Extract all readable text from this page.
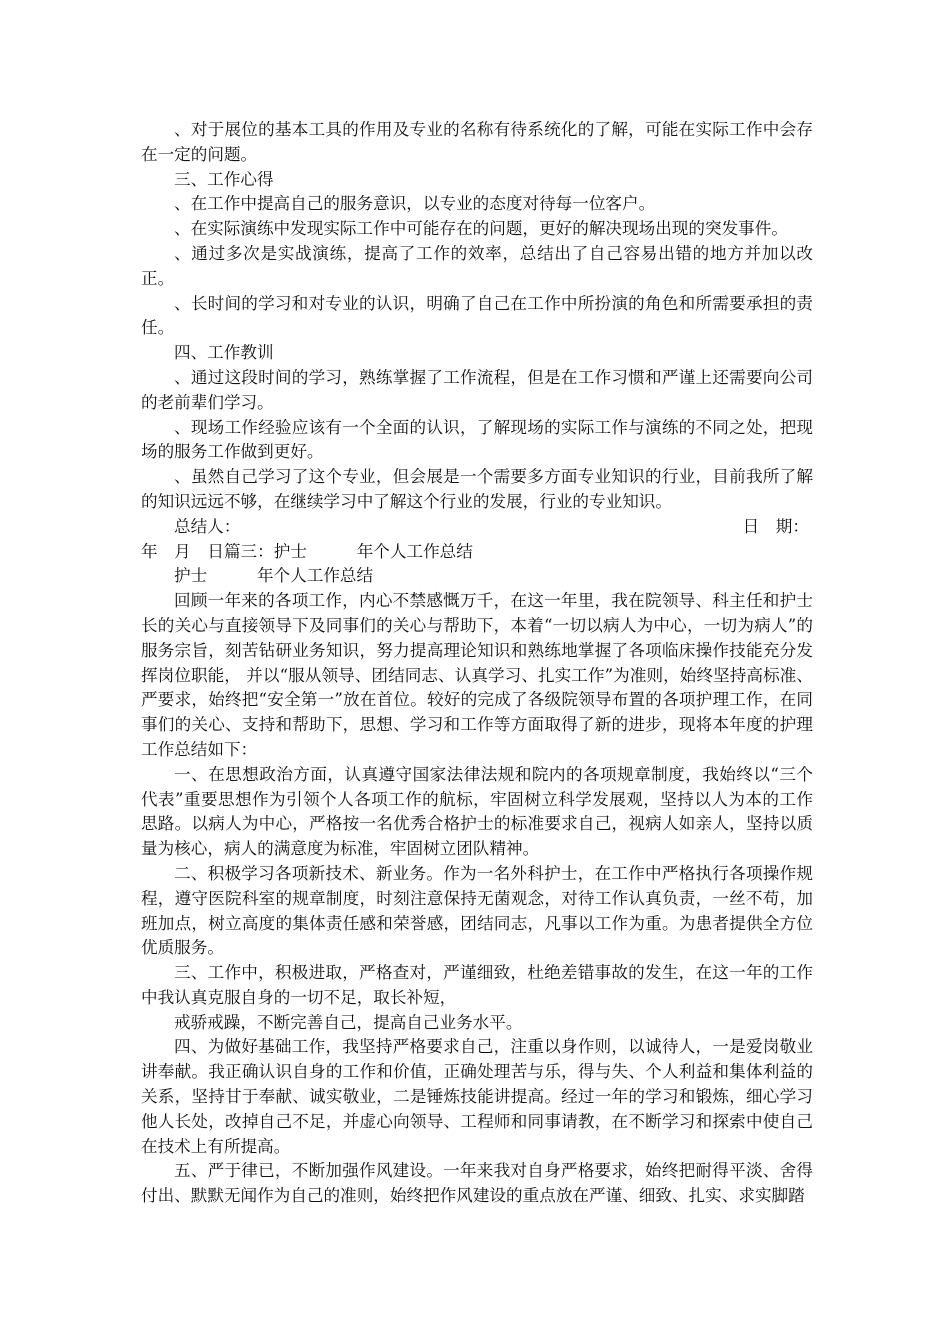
、对于展位的基本工具的作用及专业的名称有待系统化的了解，可能在实际工作中会存在一定的问题。

三、工作心得

、在工作中提高自己的服务意识，以专业的态度对待每一位客户。

、在实际演练中发现实际工作中可能存在的问题，更好的解决现场出现的突发事件。

、通过多次是实战演练，提高了工作的效率，总结出了自己容易出错的地方并加以改正。

、长时间的学习和对专业的认识，明确了自己在工作中所扮演的角色和所需要承担的责任。

四、工作教训

、通过这段时间的学习，熟练掌握了工作流程，但是在工作习惯和严谨上还需要向公司的老前辈们学习。

、现场工作经验应该有一个全面的认识，了解现场的实际工作与演练的不同之处，把现场的服务工作做到更好。

、虽然自己学习了这个专业，但会展是一个需要多方面专业知识的行业，目前我所了解的知识远远不够，在继续学习中了解这个行业的发展，行业的专业知识。

总结人：	日　期：

年　月　日篇三：护士　　　年个人工作总结

护士　　　年个人工作总结

回顾一年来的各项工作，内心不禁感慨万千，在这一年里，我在院领导、科主任和护士长的关心与直接领导下及同事们的关心与帮助下，本着“一切以病人为中心，一切为病人”的服务宗旨，刻苦钻研业务知识，努力提高理论知识和熟练地掌握了各项临床操作技能充分发挥岗位职能， 并以“服从领导、团结同志、认真学习、扎实工作”为准则，始终坚持高标准、严要求，始终把“安全第一”放在首位。较好的完成了各级院领导布置的各项护理工作，在同事们的关心、支持和帮助下，思想、学习和工作等方面取得了新的进步，现将本年度的护理工作总结如下：

一、在思想政治方面，认真遵守国家法律法规和院内的各项规章制度，我始终以“三个代表”重要思想作为引领个人各项工作的航标，牢固树立科学发展观，坚持以人为本的工作思路。以病人为中心，严格按一名优秀合格护士的标准要求自己，视病人如亲人，坚持以质量为核心，病人的满意度为标准，牢固树立团队精神。

二、积极学习各项新技术、新业务。作为一名外科护士，在工作中严格执行各项操作规程，遵守医院科室的规章制度，时刻注意保持无菌观念，对待工作认真负责，一丝不苟，加班加点，树立高度的集体责任感和荣誉感，团结同志，凡事以工作为重。为患者提供全方位优质服务。

三、工作中，积极进取，严格查对，严谨细致，杜绝差错事故的发生，在这一年的工作中我认真克服自身的一切不足，取长补短，

戒骄戒躁，不断完善自己，提高自己业务水平。

四、为做好基础工作，我坚持严格要求自己，注重以身作则，以诚待人，一是爱岗敬业讲奉献。我正确认识自身的工作和价值，正确处理苦与乐，得与失、个人利益和集体利益的关系，坚持甘于奉献、诚实敬业，二是锤炼技能讲提高。经过一年的学习和锻炼，细心学习他人长处，改掉自己不足，并虚心向领导、工程师和同事请教，在不断学习和探索中使自己在技术上有所提高。

五、严于律已，不断加强作风建设。一年来我对自身严格要求，始终把耐得平淡、舍得付出、默默无闻作为自己的准则，始终把作风建设的重点放在严谨、细致、扎实、求实脚踏
